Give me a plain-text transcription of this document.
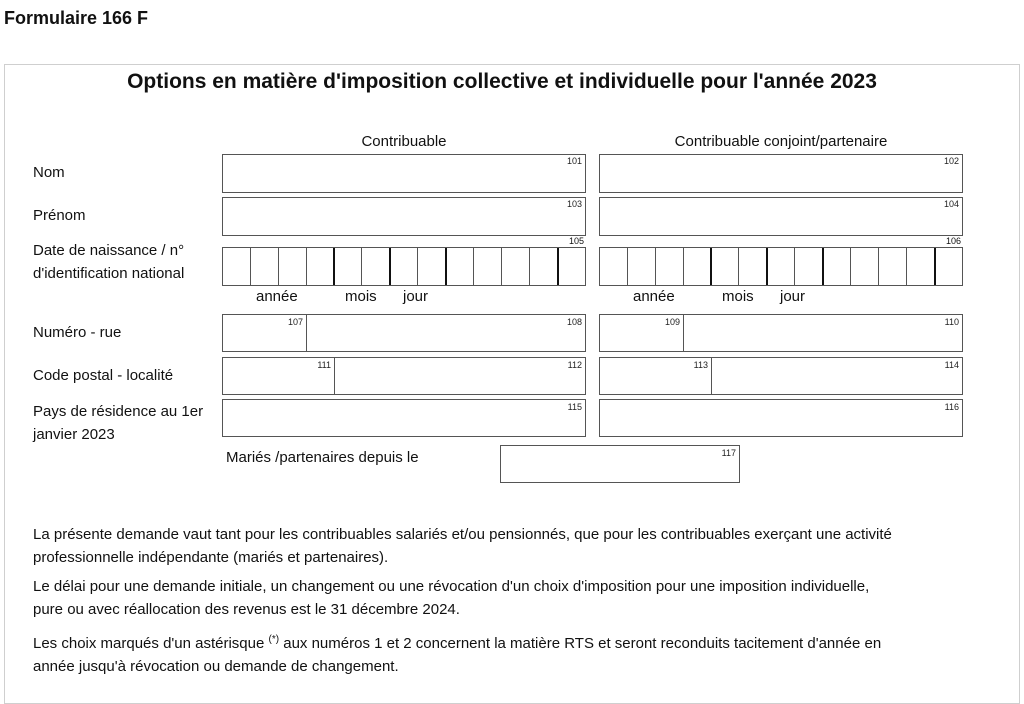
Formulaire 166 F
Options en matière d'imposition collective et individuelle pour l'année 2023
Contribuable	Contribuable conjoint/partenaire
Nom
101	102
Prénom
103	104
Date de naissance / n°
d'identification national
105	106
année	mois jour	année	mois jour
Numéro - rue
107	108	109	110
Code postal - localité
111	112	113	114
Pays de résidence au 1er
janvier 2023
115	116
Mariés /partenaires depuis le	117
La présente demande vaut tant pour les contribuables salariés et/ou pensionnés, que pour les contribuables exerçant une activité
professionnelle indépendante (mariés et partenaires).
Le délai pour une demande initiale, un changement ou une révocation d'un choix d'imposition pour une imposition individuelle,
pure ou avec réallocation des revenus est le 31 décembre 2024.
Les choix marqués d'un astérisque (*) aux numéros 1 et 2 concernent la matière RTS et seront reconduits tacitement d'année en
année jusqu'à révocation ou demande de changement.
